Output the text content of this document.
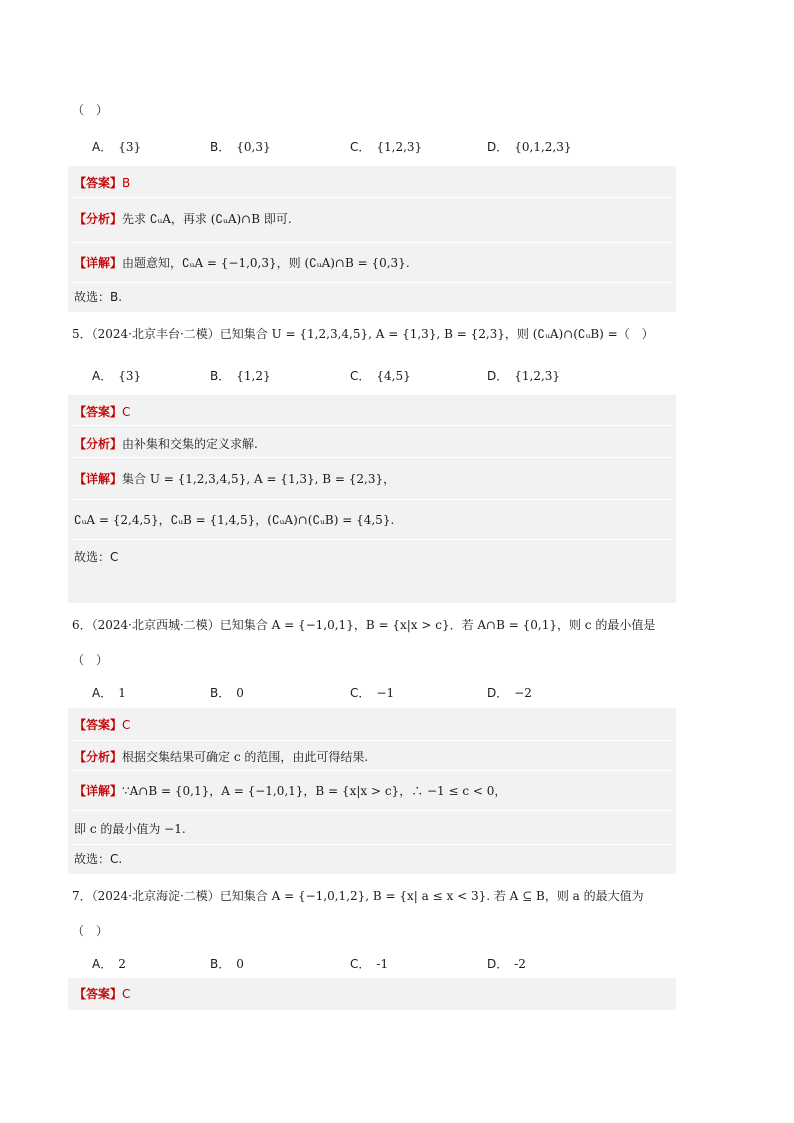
（　）
A． {3}	B． {0,3}	C． {1,2,3}	D． {0,1,2,3}
【答案】B
【分析】先求 ∁ᵤA，再求 (∁ᵤA)∩B 即可.
【详解】由题意知，∁ᵤA = {−1,0,3}，则 (∁ᵤA)∩B = {0,3}.
故选：B.
5．（2024·北京丰台·二模）已知集合 U = {1,2,3,4,5}, A = {1,3}, B = {2,3}，则 (∁ᵤA)∩(∁ᵤB) =（　）
A． {3}	B． {1,2}	C． {4,5}	D． {1,2,3}
【答案】C
【分析】由补集和交集的定义求解.
【详解】集合 U = {1,2,3,4,5}, A = {1,3}, B = {2,3}，
∁ᵤA = {2,4,5}，∁ᵤB = {1,4,5}，(∁ᵤA)∩(∁ᵤB) = {4,5}.
故选：C
6．（2024·北京西城·二模）已知集合 A = {−1,0,1}，B = {x|x > c}．若 A∩B = {0,1}，则 c 的最小值是
（　）
A． 1	B． 0	C． −1	D． −2
【答案】C
【分析】根据交集结果可确定 c 的范围，由此可得结果.
【详解】∵A∩B = {0,1}，A = {−1,0,1}，B = {x|x > c}，∴ −1 ≤ c < 0，
即 c 的最小值为 −1.
故选：C.
7．（2024·北京海淀·二模）已知集合 A = {−1,0,1,2}, B = {x| a ≤ x < 3}. 若 A ⊆ B，则 a 的最大值为
（　）
A． 2	B． 0	C． -1	D． -2
【答案】C
